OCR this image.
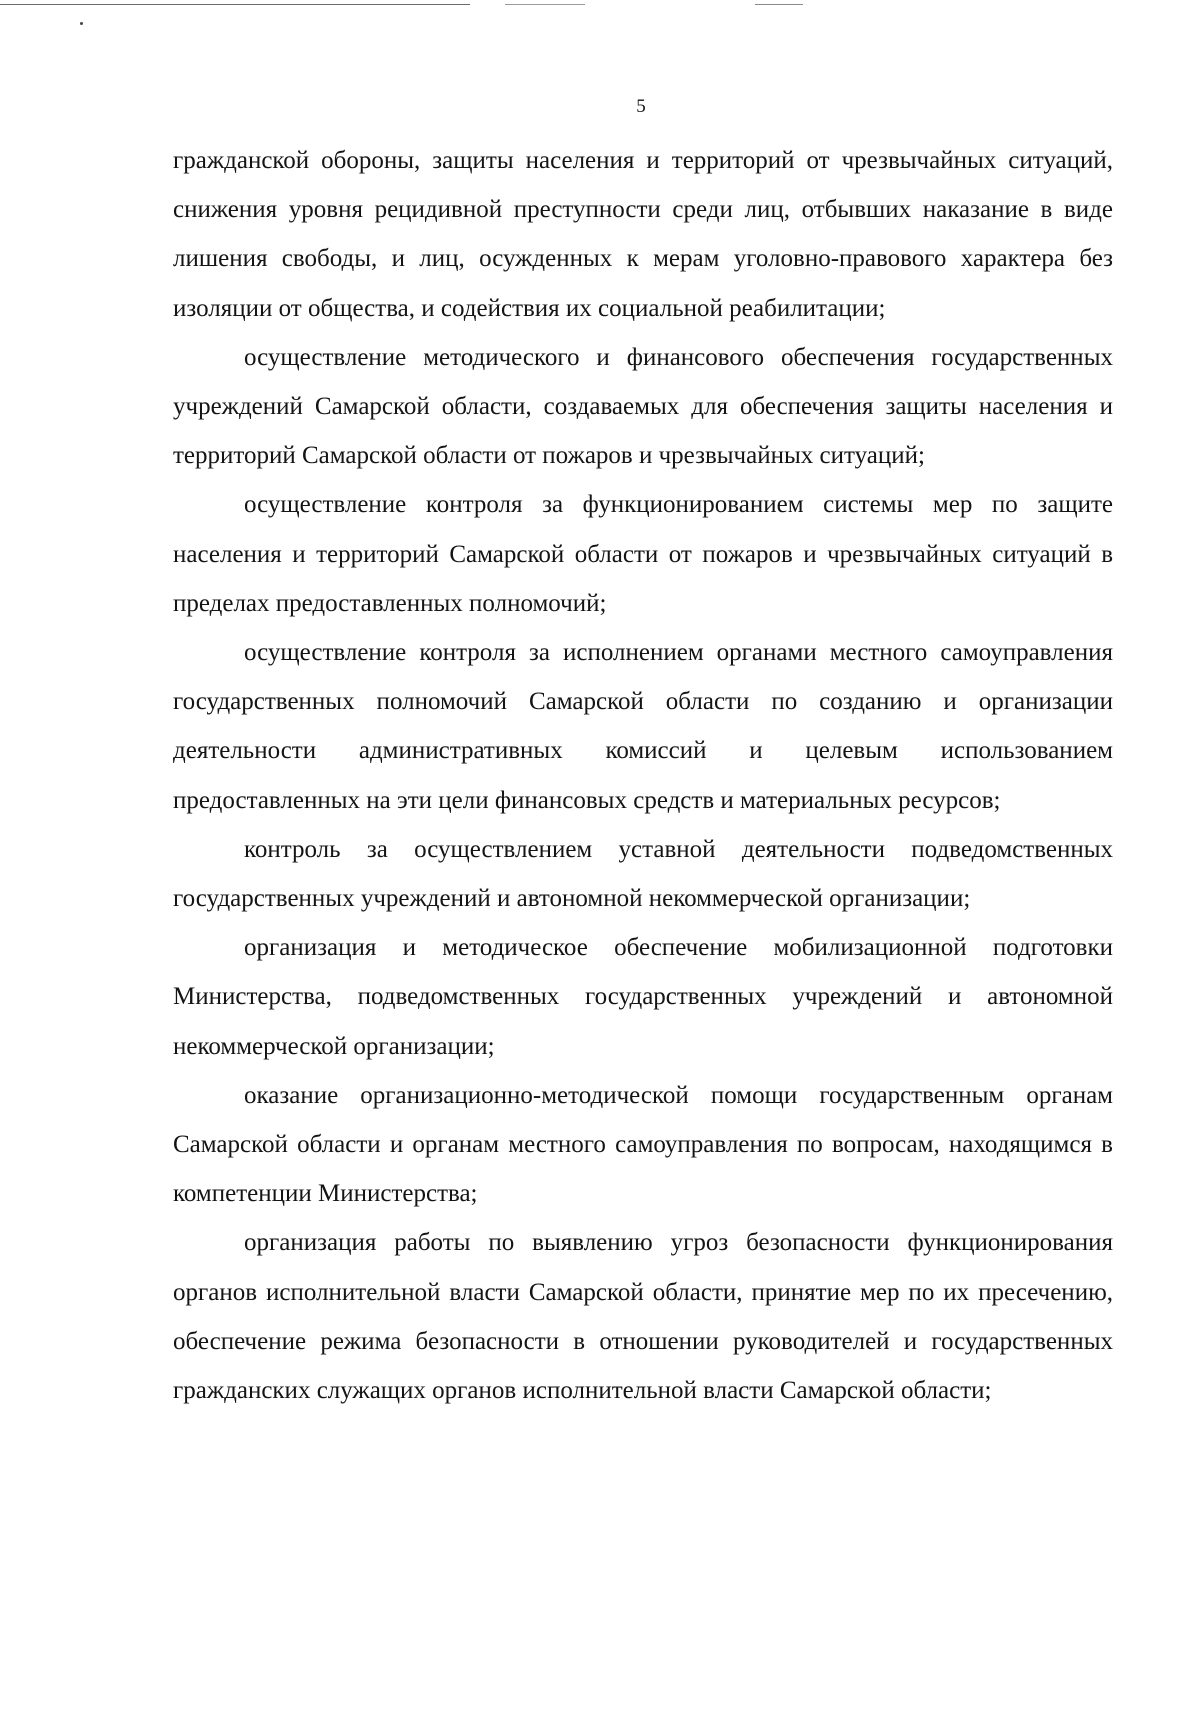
5

гражданской обороны, защиты населения и территорий от чрезвычайных ситуаций, снижения уровня рецидивной преступности среди лиц, отбывших наказание в виде лишения свободы, и лиц, осужденных к мерам уголовно-правового характера без изоляции от общества, и содействия их социальной реабилитации;

осуществление методического и финансового обеспечения государственных учреждений Самарской области, создаваемых для обеспечения защиты населения и территорий Самарской области от пожаров и чрезвычайных ситуаций;

осуществление контроля за функционированием системы мер по защите населения и территорий Самарской области от пожаров и чрезвычайных ситуаций в пределах предоставленных полномочий;

осуществление контроля за исполнением органами местного самоуправления государственных полномочий Самарской области по созданию и организации деятельности административных комиссий и целевым использованием предоставленных на эти цели финансовых средств и материальных ресурсов;

контроль за осуществлением уставной деятельности подведомственных государственных учреждений и автономной некоммерческой организации;

организация и методическое обеспечение мобилизационной подготовки Министерства, подведомственных государственных учреждений и автономной некоммерческой организации;

оказание организационно-методической помощи государственным органам Самарской области и органам местного самоуправления по вопросам, находящимся в компетенции Министерства;

организация работы по выявлению угроз безопасности функционирования органов исполнительной власти Самарской области, принятие мер по их пресечению, обеспечение режима безопасности в отношении руководителей и государственных гражданских служащих органов исполнительной власти Самарской области;
